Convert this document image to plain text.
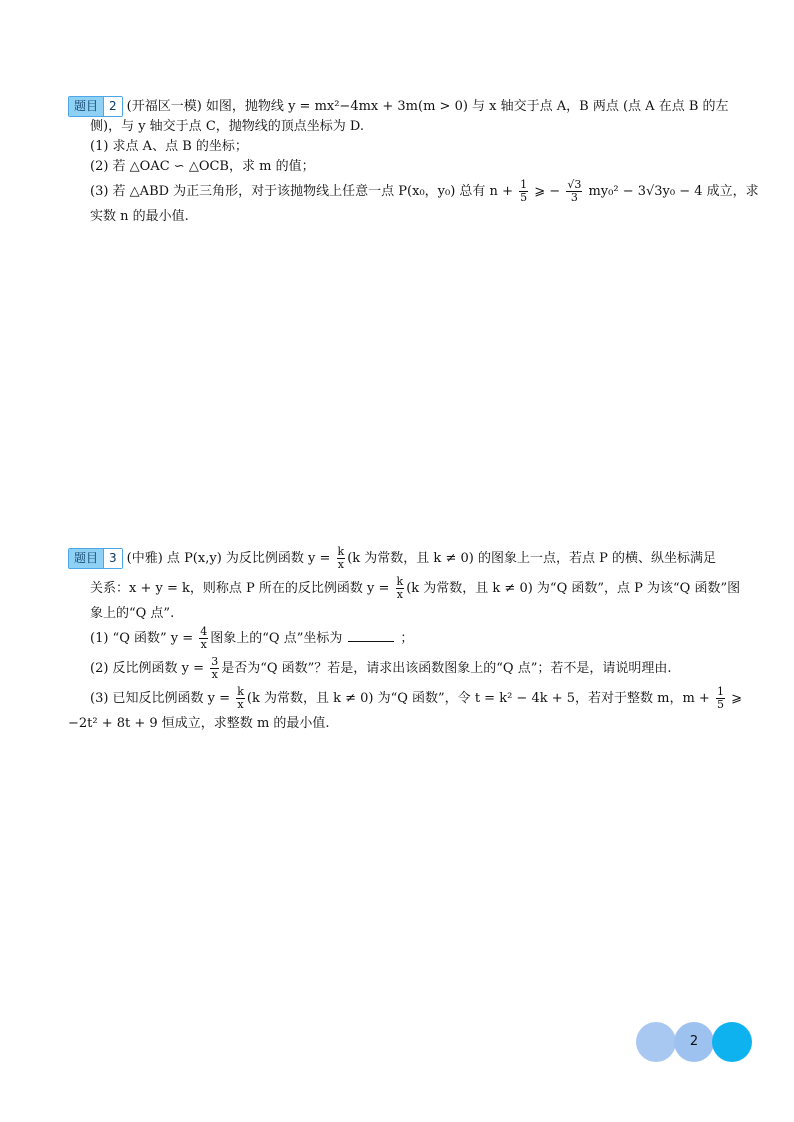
题目 2 (开福区一模) 如图，抛物线 y = mx²−4mx + 3m(m > 0) 与 x 轴交于点 A，B 两点 (点 A 在点 B 的左

侧)，与 y 轴交于点 C，抛物线的顶点坐标为 D.

(1) 求点 A、点 B 的坐标；

(2) 若 △OAC ∽ △OCB，求 m 的值；

(3) 若 △ABD 为正三角形，对于该抛物线上任意一点 P(x₀，y₀) 总有 $n + \frac{1}{5}$ ⩾ − $\frac{√3}{3} my_0^2 - 3√3y_0 - 4$ 成立，求

实数 n 的最小值.

题目 3 (中雅) 点 P(x,y) 为反比例函数 $y = \frac{k}{x} (k$ 为常数，且 k ≠ 0) 的图象上一点，若点 P 的横、纵坐标满足

关系：x + y = k，则称点 P 所在的反比例函数 $y = \frac{k}{x} (k$ 为常数，且 k ≠ 0) 为“Q 函数”，点 P 为该“Q 函数”图

象上的“Q 点”.

(1) “Q 函数” $y = \frac{4}{x}$ 图象上的“Q 点”坐标为	；

(2) 反比例函数 $y = \frac{3}{x}$ 是否为“Q 函数”？若是，请求出该函数图象上的“Q 点”；若不是，请说明理由.

(3) 已知反比例函数 $y = \frac{k}{x} (k$ 为常数，且 k ≠ 0) 为“Q 函数”，令 t = k² − 4k + 5，若对于整数 m，$m + \frac{1}{5}$ ⩾

−2t² + 8t + 9 恒成立，求整数 m 的最小值.

2
